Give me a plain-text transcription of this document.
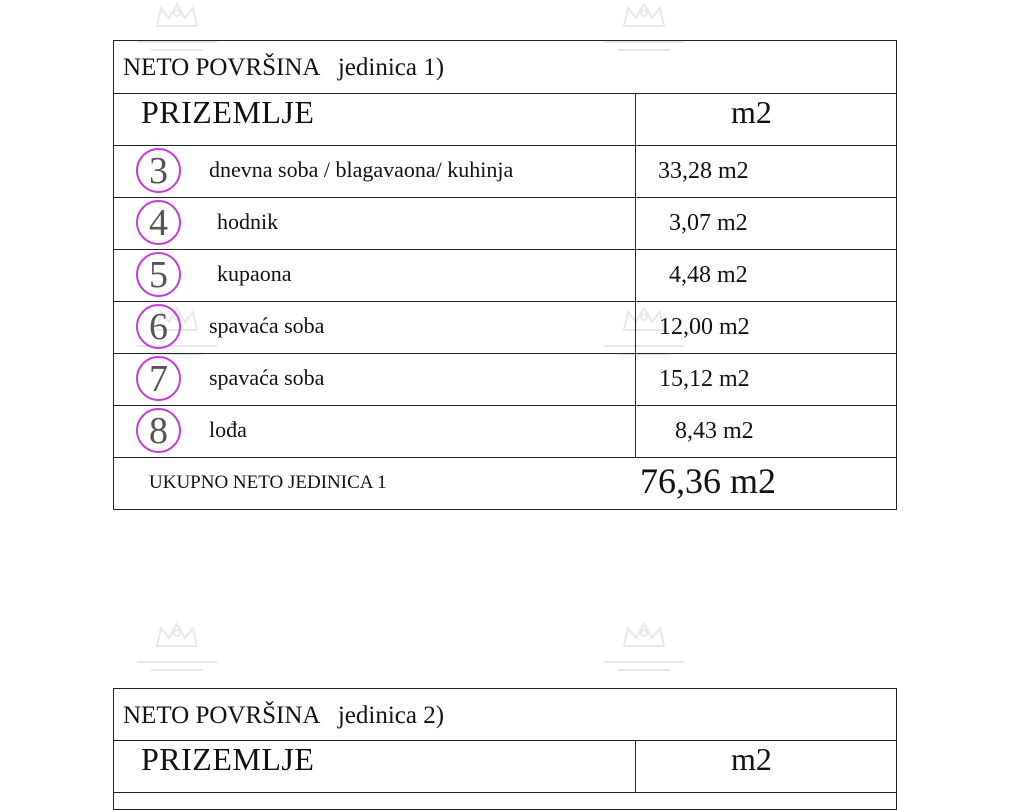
NETO POVRŠINA   jedinica 1)
PRIZEMLJE	m2
3	dnevna soba / blagavaona/ kuhinja	33,28 m2
4	hodnik	3,07 m2
5	kupaona	4,48 m2
6	spavaća soba	12,00 m2
7	spavaća soba	15,12 m2
8	lođa	8,43 m2
UKUPNO NETO JEDINICA 1	76,36 m2
NETO POVRŠINA   jedinica 2)
PRIZEMLJE	m2
